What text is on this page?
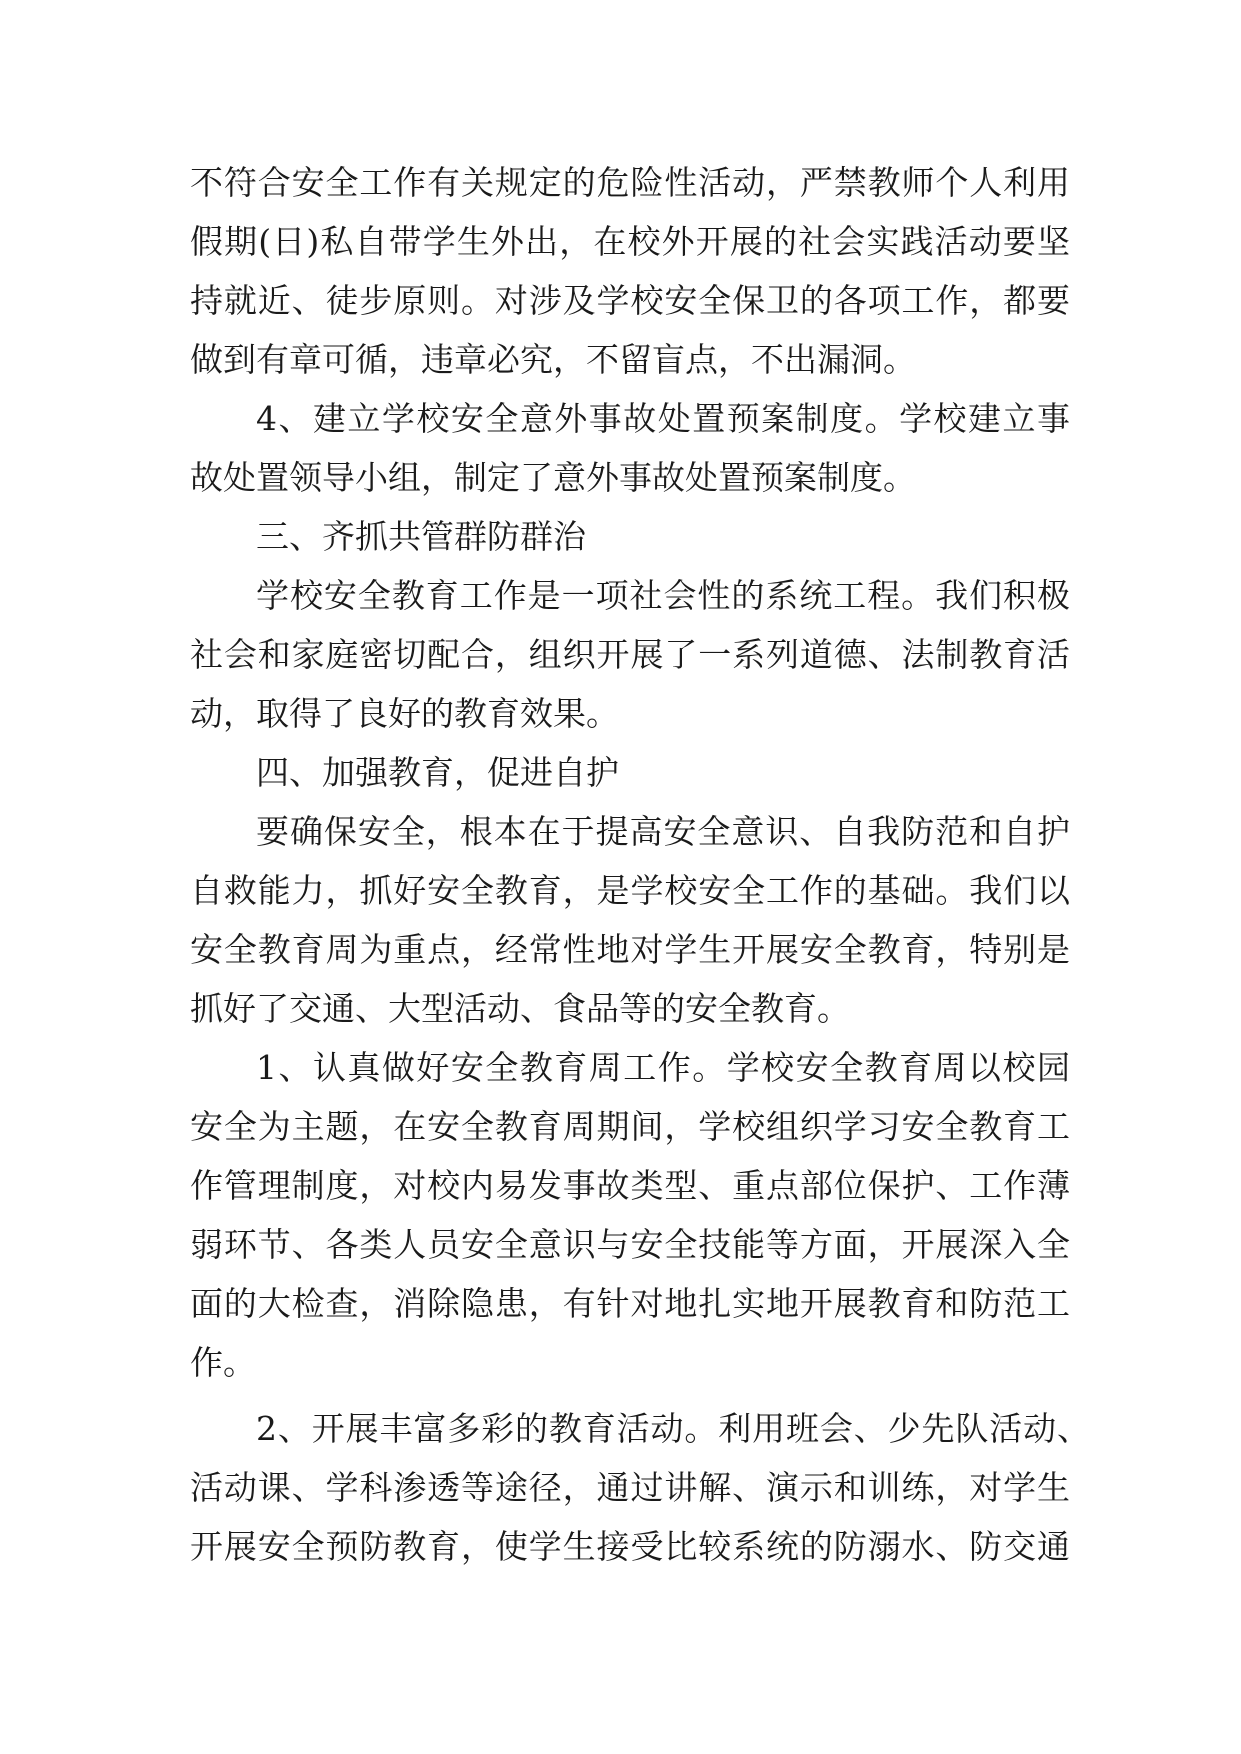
不符合安全工作有关规定的危险性活动，严禁教师个人利用
假期(日)私自带学生外出，在校外开展的社会实践活动要坚
持就近、徒步原则。对涉及学校安全保卫的各项工作，都要
做到有章可循，违章必究，不留盲点，不出漏洞。
4、建立学校安全意外事故处置预案制度。学校建立事
故处置领导小组，制定了意外事故处置预案制度。
三、齐抓共管群防群治
学校安全教育工作是一项社会性的系统工程。我们积极
社会和家庭密切配合，组织开展了一系列道德、法制教育活
动，取得了良好的教育效果。
四、加强教育，促进自护
要确保安全，根本在于提高安全意识、自我防范和自护
自救能力，抓好安全教育，是学校安全工作的基础。我们以
安全教育周为重点，经常性地对学生开展安全教育，特别是
抓好了交通、大型活动、食品等的安全教育。
1、认真做好安全教育周工作。学校安全教育周以校园
安全为主题，在安全教育周期间，学校组织学习安全教育工
作管理制度，对校内易发事故类型、重点部位保护、工作薄
弱环节、各类人员安全意识与安全技能等方面，开展深入全
面的大检查，消除隐患，有针对地扎实地开展教育和防范工
作。
2、开展丰富多彩的教育活动。利用班会、少先队活动、
活动课、学科渗透等途径，通过讲解、演示和训练，对学生
开展安全预防教育，使学生接受比较系统的防溺水、防交通
